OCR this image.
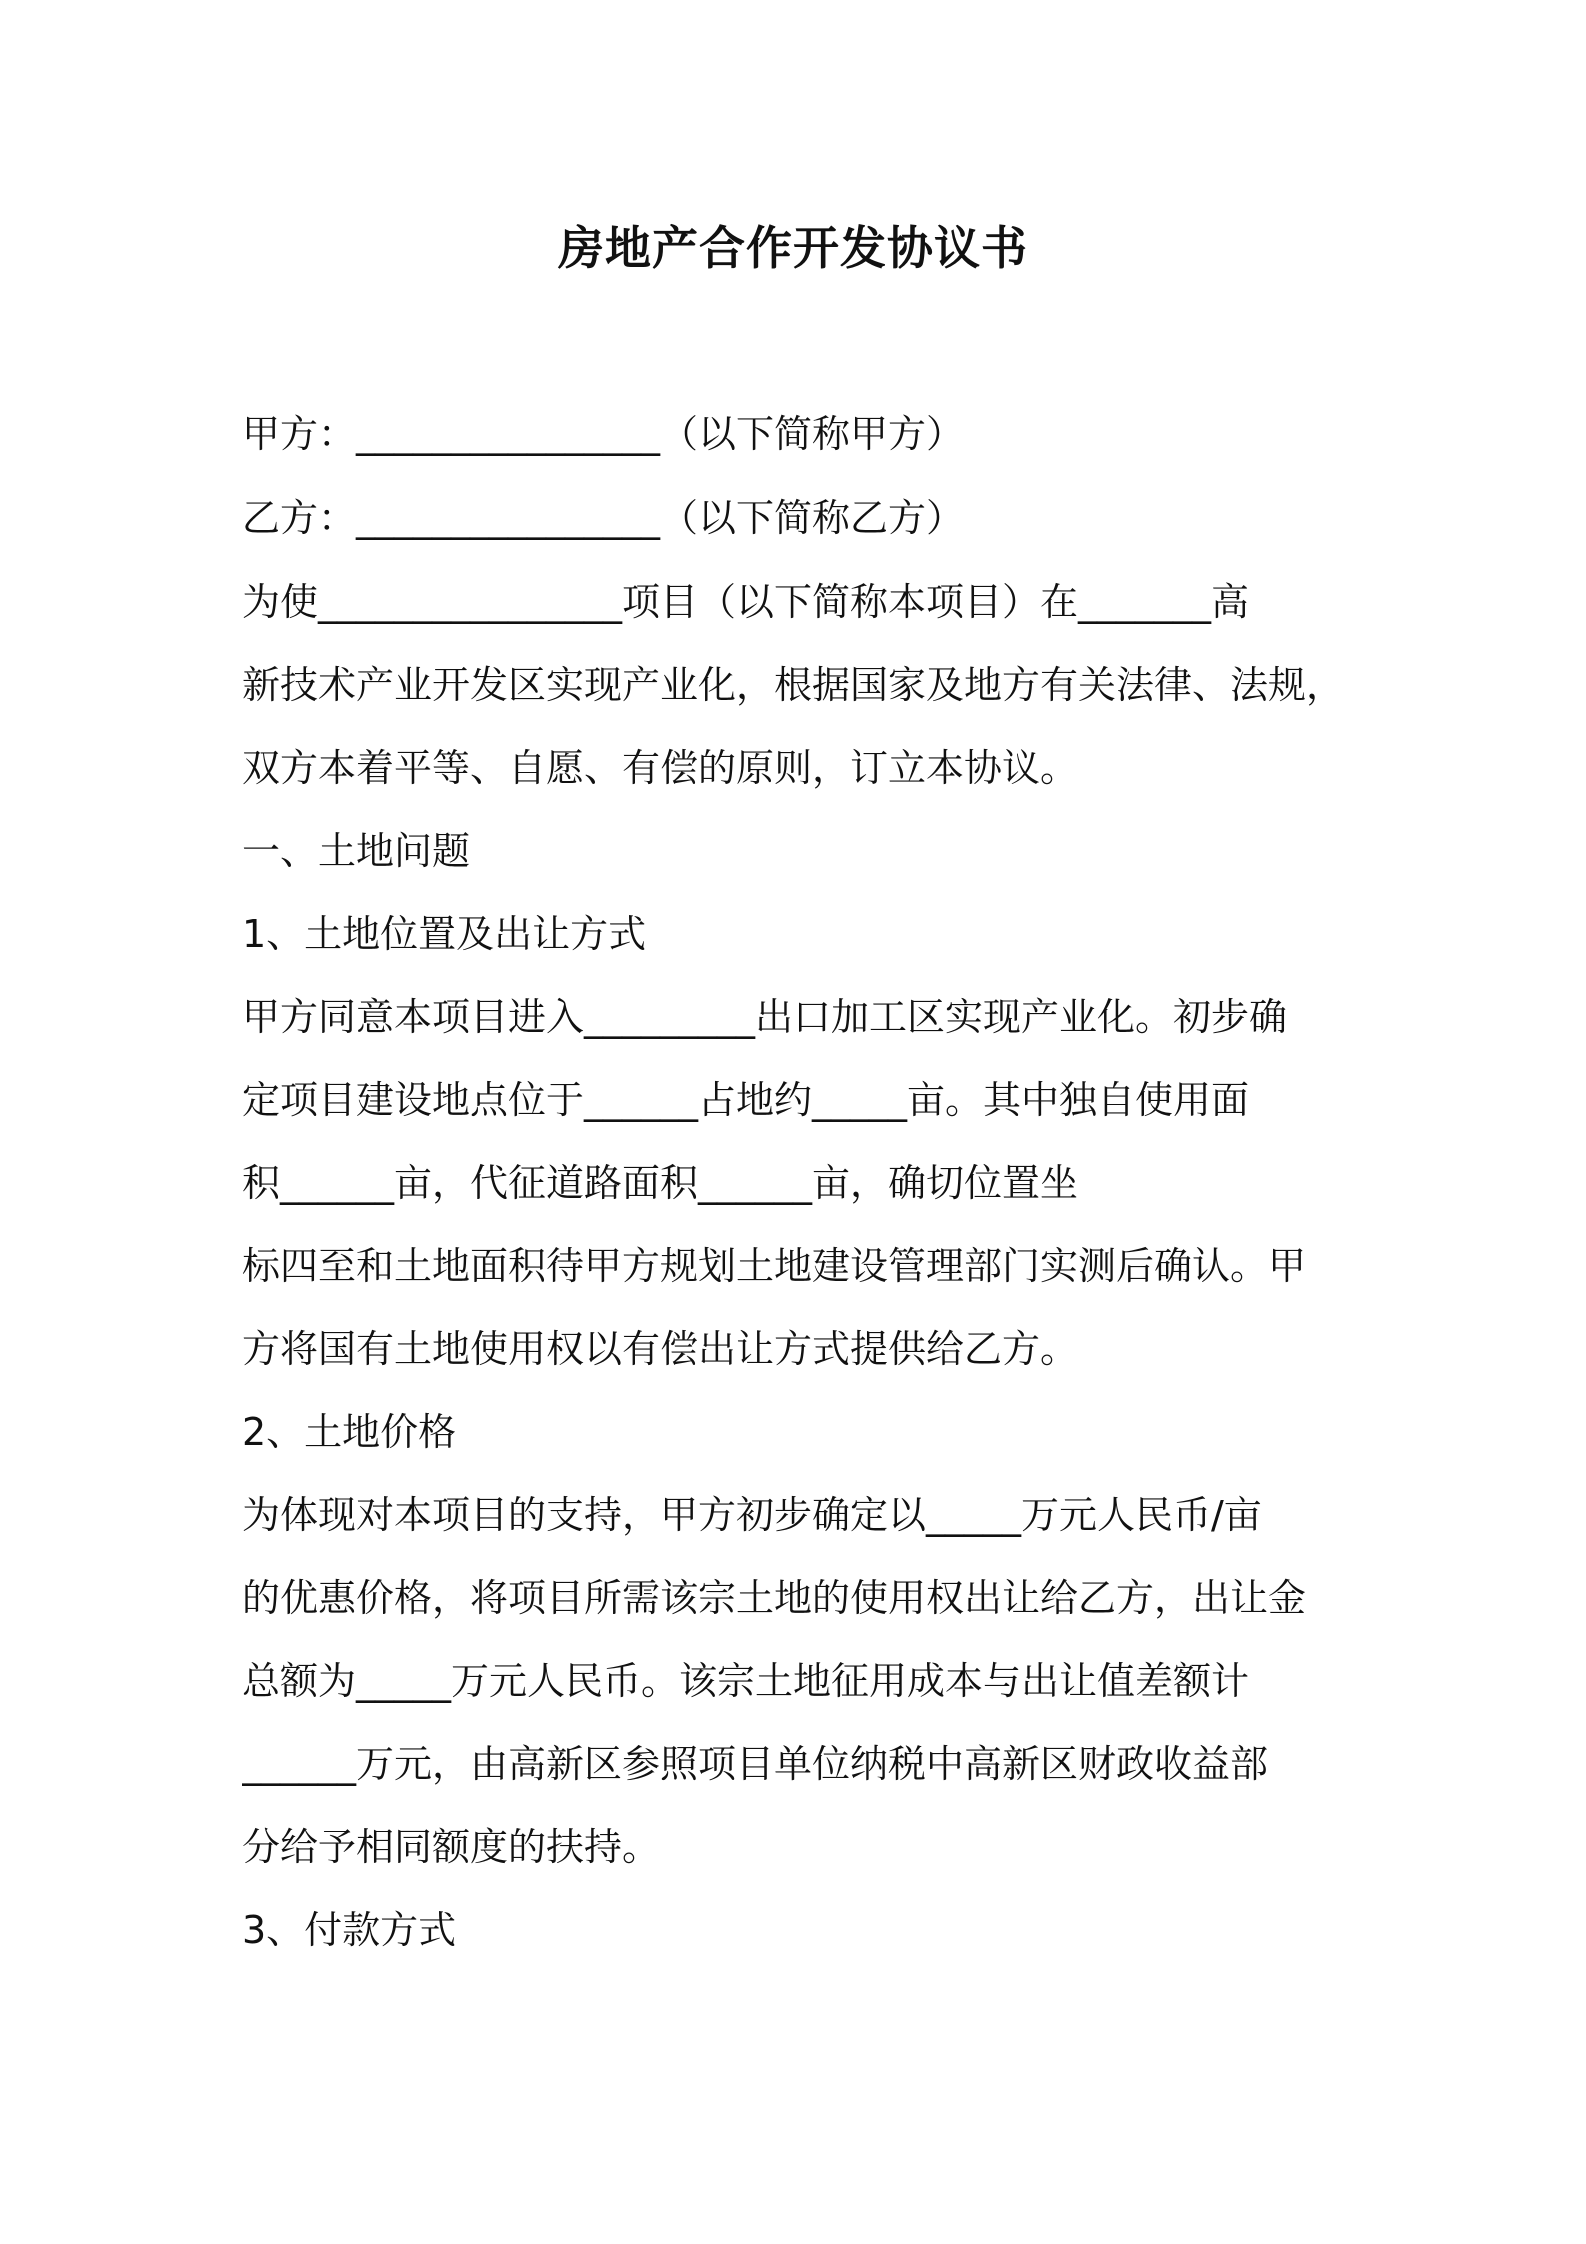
房地产合作开发协议书
甲方：________________（以下简称甲方）
乙方：________________（以下简称乙方）
为使________________项目（以下简称本项目）在_______高
新技术产业开发区实现产业化，根据国家及地方有关法律、法规，
双方本着平等、自愿、有偿的原则，订立本协议。
一、土地问题
1、土地位置及出让方式
甲方同意本项目进入_________出口加工区实现产业化。初步确
定项目建设地点位于______占地约_____亩。其中独自使用面
积______亩，代征道路面积______亩，确切位置坐
标四至和土地面积待甲方规划土地建设管理部门实测后确认。甲
方将国有土地使用权以有偿出让方式提供给乙方。
2、土地价格
为体现对本项目的支持，甲方初步确定以_____万元人民币/亩
的优惠价格，将项目所需该宗土地的使用权出让给乙方，出让金
总额为_____万元人民币。该宗土地征用成本与出让值差额计
______万元，由高新区参照项目单位纳税中高新区财政收益部
分给予相同额度的扶持。
3、付款方式
